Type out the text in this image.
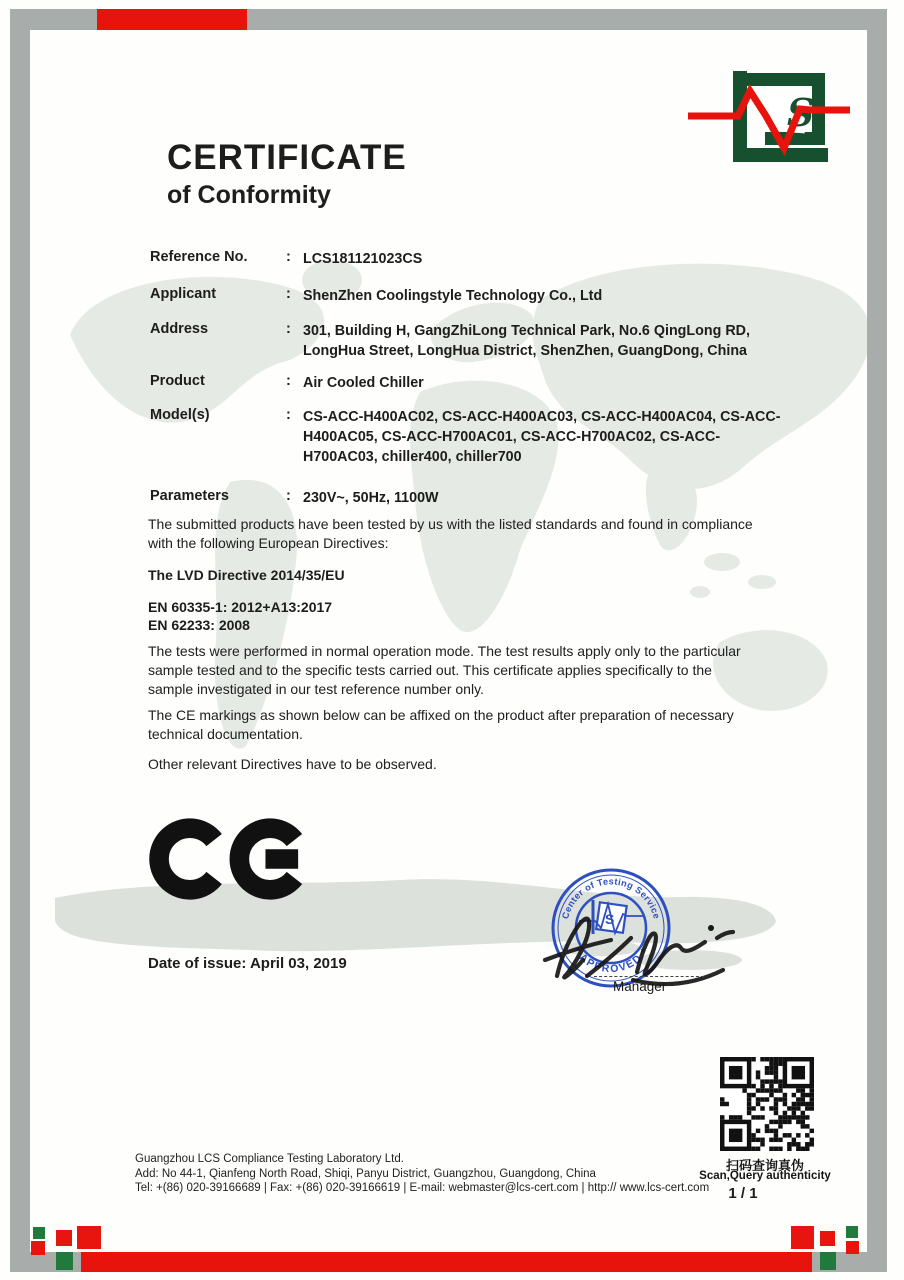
S
CERTIFICATE
of Conformity
Reference No.	: LCS181121023CS
Applicant	: ShenZhen Coolingstyle Technology Co., Ltd
Address	: 301, Building H, GangZhiLong Technical Park, No.6 QingLong RD, LongHua Street, LongHua District, ShenZhen, GuangDong, China
Product	: Air Cooled Chiller
Model(s)	: CS-ACC-H400AC02, CS-ACC-H400AC03, CS-ACC-H400AC04, CS-ACC-H400AC05, CS-ACC-H700AC01, CS-ACC-H700AC02, CS-ACC-H700AC03, chiller400, chiller700
Parameters	: 230V~, 50Hz, 1100W
The submitted products have been tested by us with the listed standards and found in compliance with the following European Directives:
The LVD Directive 2014/35/EU
EN 60335-1: 2012+A13:2017
EN 62233: 2008
The tests were performed in normal operation mode. The test results apply only to the particular sample tested and to the specific tests carried out. This certificate applies specifically to the sample investigated in our test reference number only.
The CE markings as shown below can be affixed on the product after preparation of necessary technical documentation.
Other relevant Directives have to be observed.
Date of issue: April 03, 2019
Center of Testing Service
* APPROVED *
S
Manager
扫码查询真伪
Scan,Query authenticity
1 / 1
Guangzhou LCS Compliance Testing Laboratory Ltd.
Add: No 44-1, Qianfeng North Road, Shiqi, Panyu District, Guangzhou, Guangdong, China
Tel: +(86) 020-39166689 | Fax: +(86) 020-39166619 | E-mail: webmaster@lcs-cert.com | http:// www.lcs-cert.com
